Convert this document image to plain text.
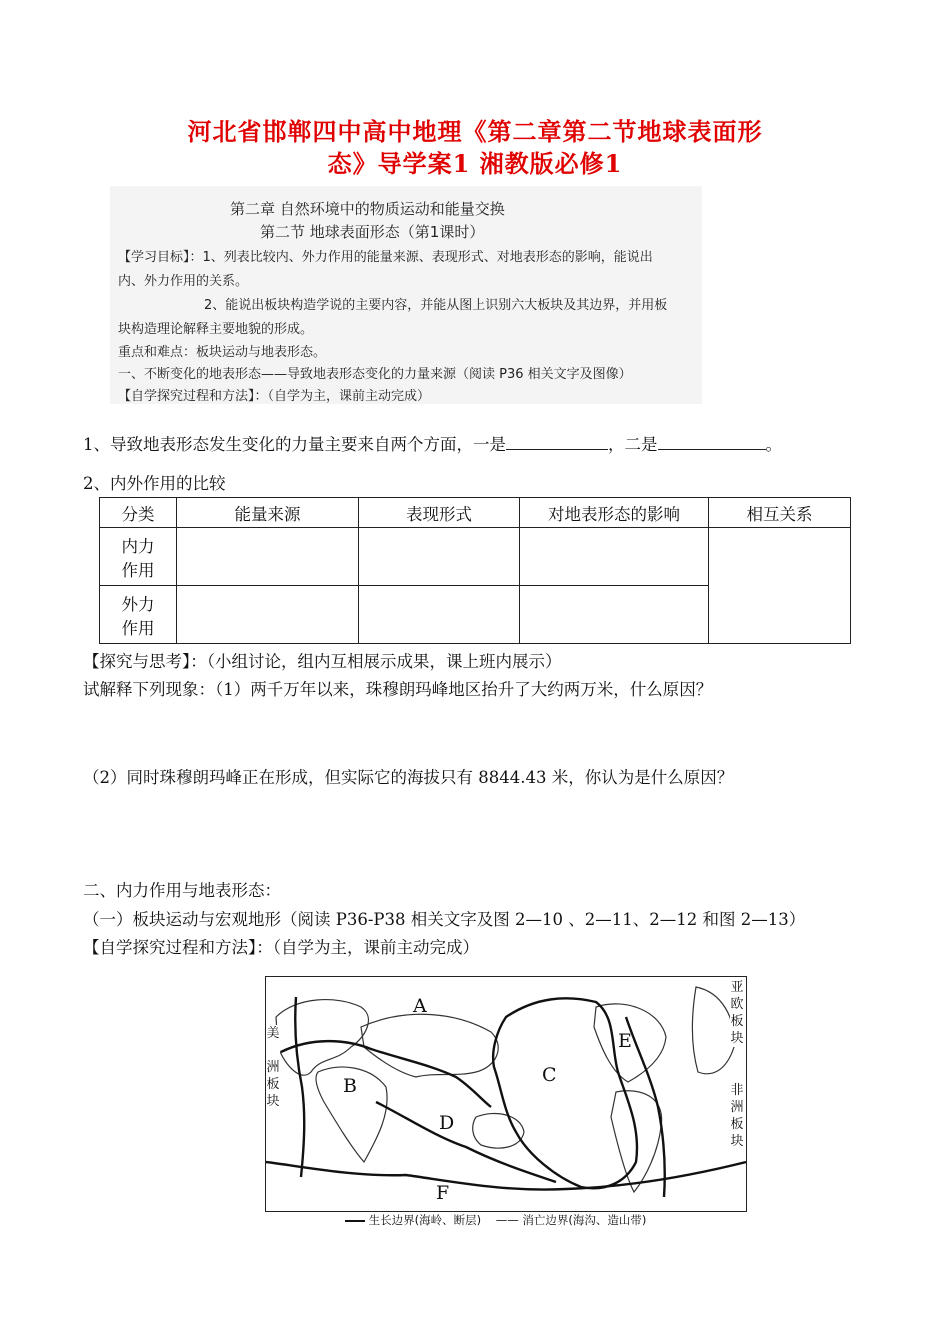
河北省邯郸四中高中地理《第二章第二节地球表面形
态》导学案1 湘教版必修1
第二章 自然环境中的物质运动和能量交换
第二节 地球表面形态（第1课时）
【学习目标】：1、列表比较内、外力作用的能量来源、表现形式、对地表形态的影响，能说出
内、外力作用的关系。
2、能说出板块构造学说的主要内容，并能从图上识别六大板块及其边界，并用板
块构造理论解释主要地貌的形成。
重点和难点：板块运动与地表形态。
一、不断变化的地表形态——导致地表形态变化的力量来源（阅读 P36 相关文字及图像）
【自学探究过程和方法】：（自学为主，课前主动完成）
1、导致地表形态发生变化的力量主要来自两个方面，一是	，二是	。
2、内外作用的比较
分类	能量来源	表现形式	对地表形态的影响	相互关系
内力
作用				
外力
作用				
【探究与思考】：（小组讨论，组内互相展示成果，课上班内展示）
试解释下列现象：（1）两千万年以来，珠穆朗玛峰地区抬升了大约两万米，什么原因？
（2）同时珠穆朗玛峰正在形成，但实际它的海拔只有 8844.43 米，你认为是什么原因？
二、内力作用与地表形态：
（一）板块运动与宏观地形（阅读 P36-P38 相关文字及图 2—10 、2—11、2—12 和图 2—13）
【自学探究过程和方法】：（自学为主，课前主动完成）
A
B	C
D
E
F
美

洲
板
块
亚
欧
板
块
非
洲
板
块
生长边界(海岭、断层) —— 消亡边界(海沟、造山带)
